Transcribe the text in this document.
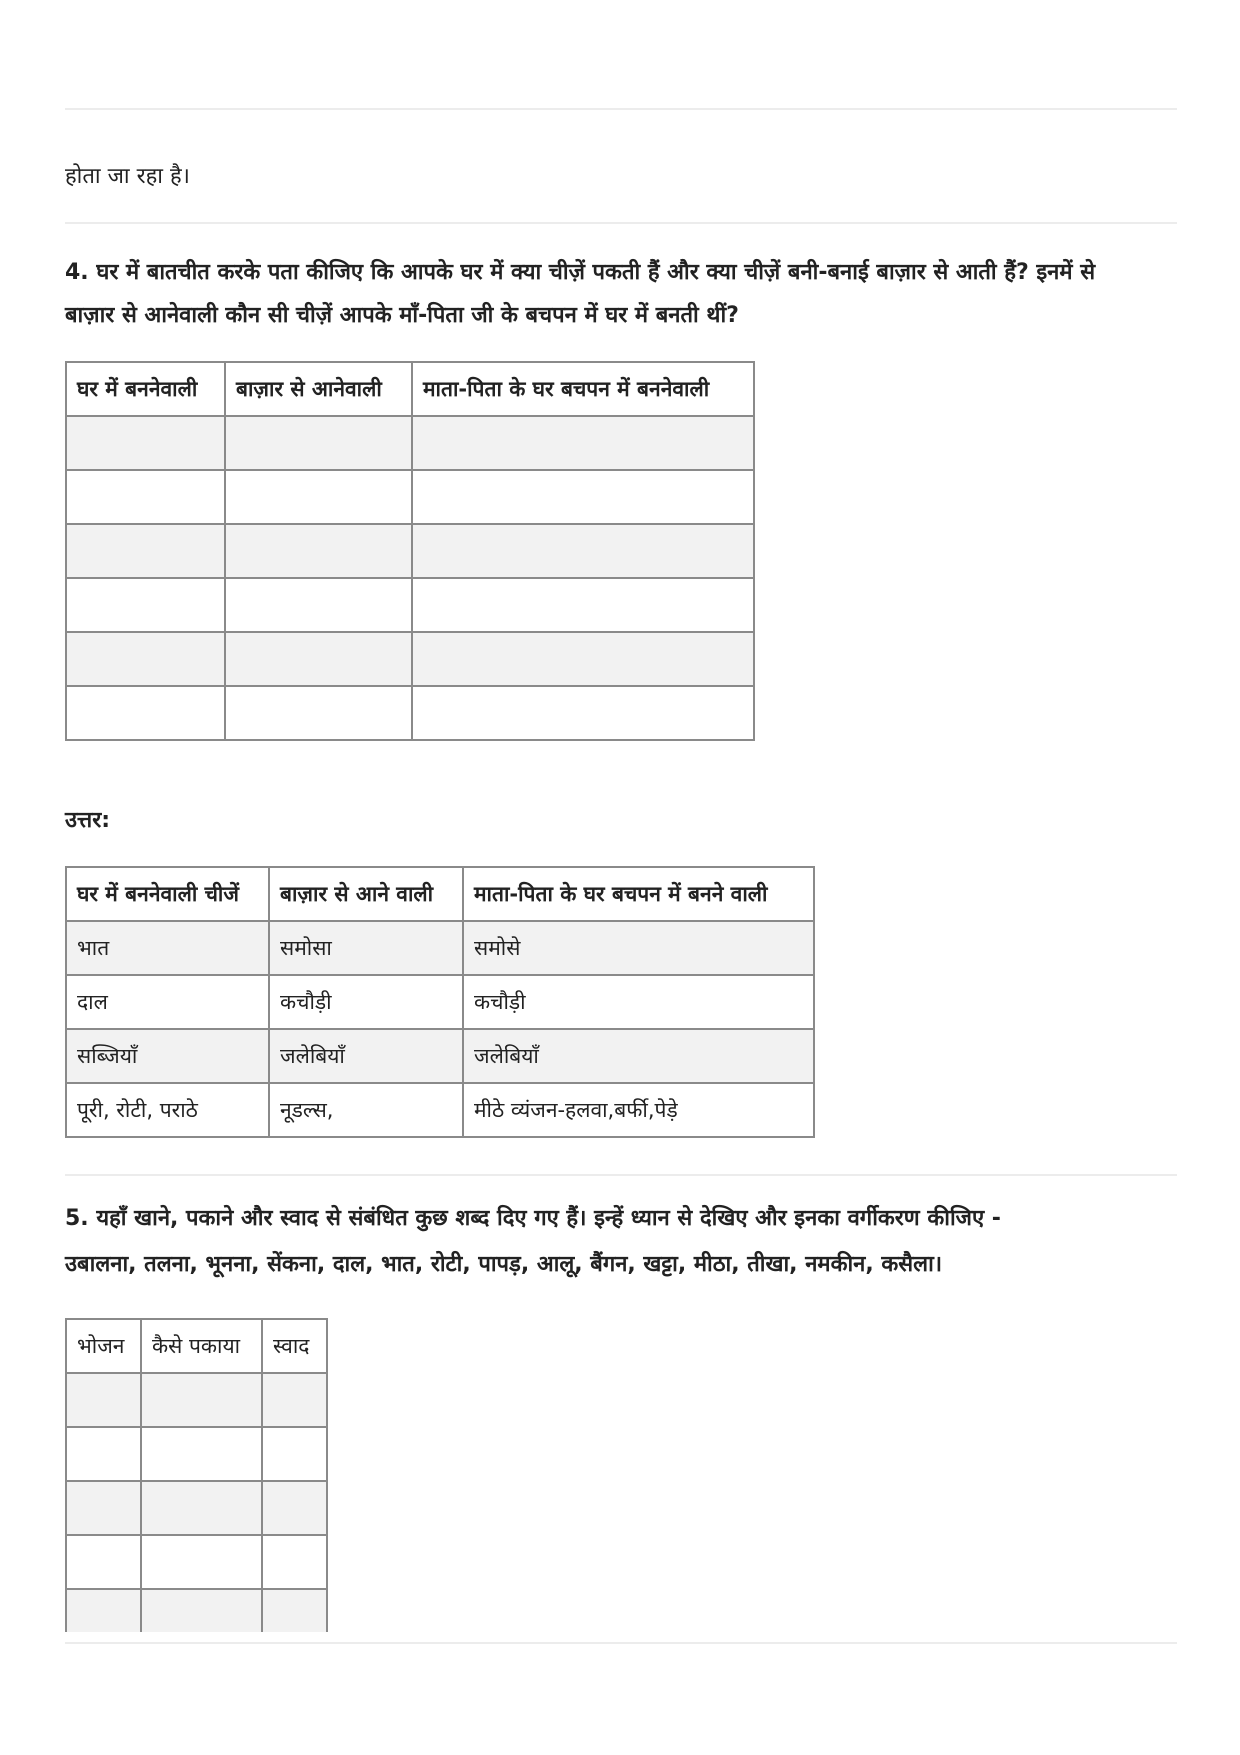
होता जा रहा है।
4. घर में बातचीत करके पता कीजिए कि आपके घर में क्या चीज़ें पकती हैं और क्या चीज़ें बनी-बनाई बाज़ार से आती हैं? इनमें से
बाज़ार से आनेवाली कौन सी चीज़ें आपके माँ-पिता जी के बचपन में घर में बनती थीं?
घर में बननेवाली	बाज़ार से आनेवाली	माता-पिता के घर बचपन में बननेवाली

उत्तर:
घर में बननेवाली चीजें	बाज़ार से आने वाली	माता-पिता के घर बचपन में बनने वाली
भात	समोसा	समोसे
दाल	कचौड़ी	कचौड़ी
सब्जियाँ	जलेबियाँ	जलेबियाँ
पूरी, रोटी, पराठे	नूडल्स,	मीठे व्यंजन-हलवा,बर्फी,पेड़े
5. यहाँ खाने, पकाने और स्वाद से संबंधित कुछ शब्द दिए गए हैं। इन्हें ध्यान से देखिए और इनका वर्गीकरण कीजिए -
उबालना, तलना, भूनना, सेंकना, दाल, भात, रोटी, पापड़, आलू, बैंगन, खट्टा, मीठा, तीखा, नमकीन, कसैला।
भोजन	कैसे पकाया	स्वाद
